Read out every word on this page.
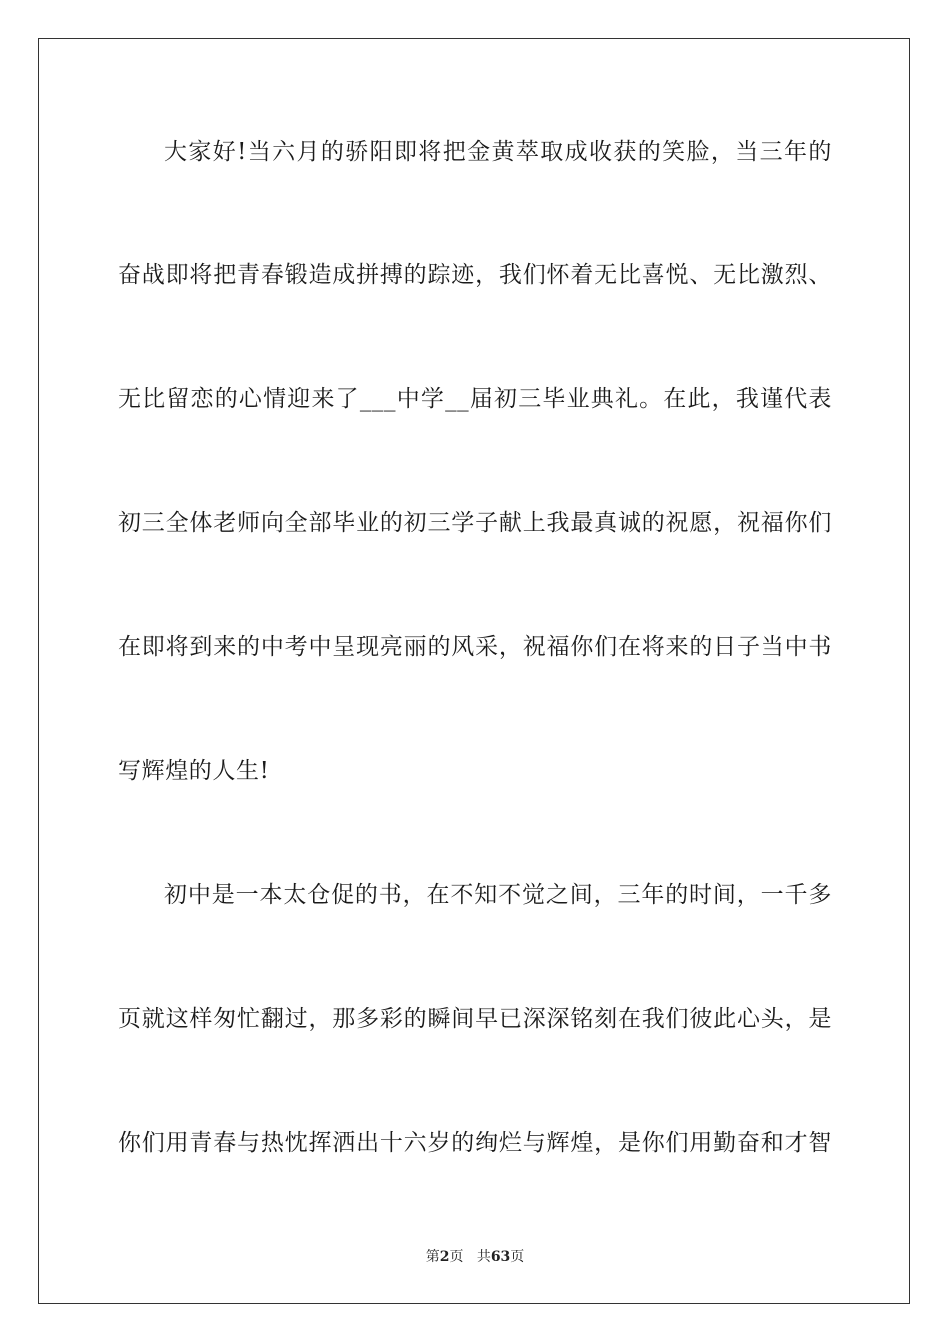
大家好!当六月的骄阳即将把金黄萃取成收获的笑脸，当三年的
奋战即将把青春锻造成拼搏的踪迹，我们怀着无比喜悦、无比激烈、
无比留恋的心情迎来了___中学__届初三毕业典礼。在此，我谨代表
初三全体老师向全部毕业的初三学子献上我最真诚的祝愿，祝福你们
在即将到来的中考中呈现亮丽的风采，祝福你们在将来的日子当中书
写辉煌的人生!
初中是一本太仓促的书，在不知不觉之间，三年的时间，一千多
页就这样匆忙翻过，那多彩的瞬间早已深深铭刻在我们彼此心头，是
你们用青春与热忱挥洒出十六岁的绚烂与辉煌，是你们用勤奋和才智
第2页 共63页
